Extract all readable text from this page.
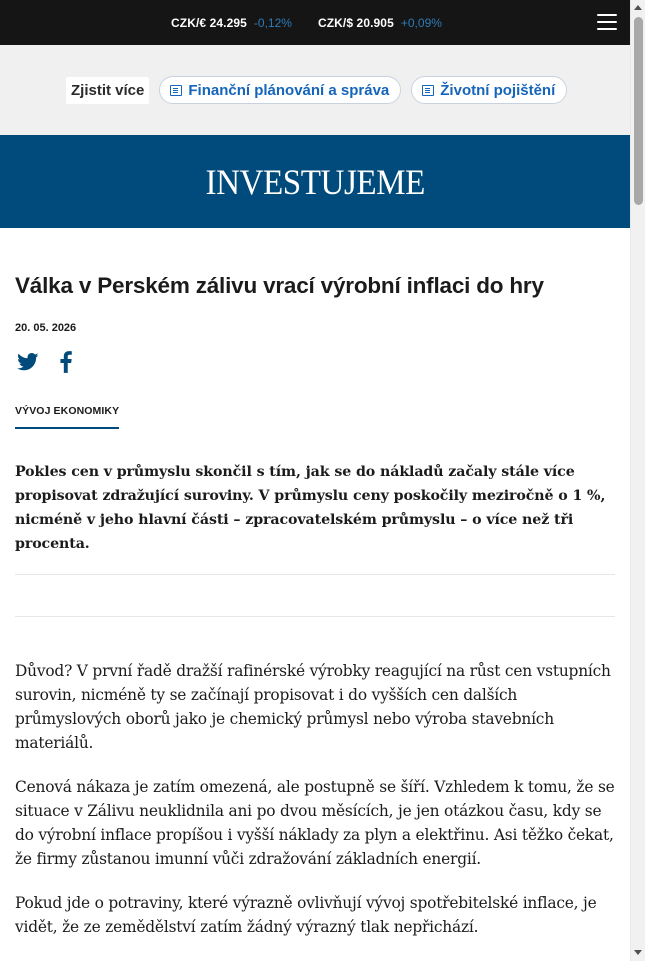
CZK/€ 24.295 -0,12% CZK/$ 20.905 +0,09%
Zjistit více	Finanční plánování a správa	Životní pojištění
INVESTUJEME
Válka v Perském zálivu vrací výrobní inflaci do hry
20. 05. 2026
VÝVOJ EKONOMIKY

Pokles cen v průmyslu skončil s tím, jak se do nákladů začaly stále více propisovat zdražující suroviny. V průmyslu ceny poskočily meziročně o 1 %, nicméně v jeho hlavní části – zpracovatelském průmyslu – o více než tři procenta.

Důvod? V první řadě dražší rafinérské výrobky reagující na růst cen vstupních surovin, nicméně ty se začínají propisovat i do vyšších cen dalších průmyslových oborů jako je chemický průmysl nebo výroba stavebních materiálů.

Cenová nákaza je zatím omezená, ale postupně se šíří. Vzhledem k tomu, že se situace v Zálivu neuklidnila ani po dvou měsících, je jen otázkou času, kdy se do výrobní inflace propíšou i vyšší náklady za plyn a elektřinu. Asi těžko čekat, že firmy zůstanou imunní vůči zdražování základních energií.

Pokud jde o potraviny, které výrazně ovlivňují vývoj spotřebitelské inflace, je vidět, že ze zemědělství zatím žádný výrazný tlak nepřichází.
